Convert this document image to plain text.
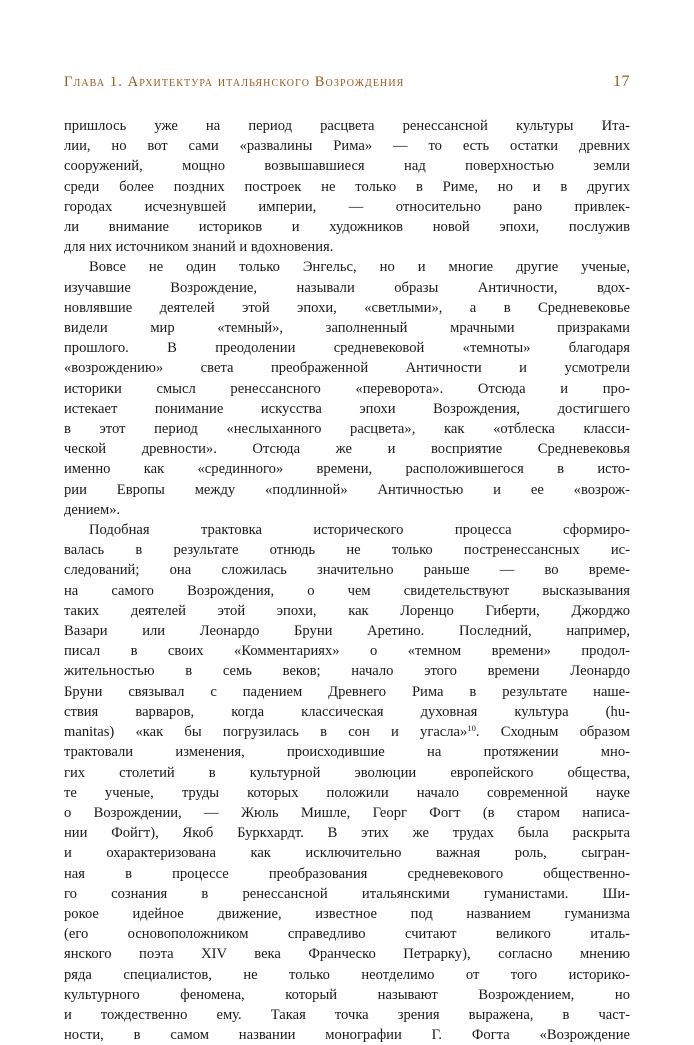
Глава 1. Архитектура итальянского Возрождения	17

пришлось уже на период расцвета ренессансной культуры Ита-
лии, но вот сами «развалины Рима» — то есть остатки древних
сооружений, мощно возвышавшиеся над поверхностью земли
среди более поздних построек не только в Риме, но и в других
городах исчезнувшей империи, — относительно рано привлек-
ли внимание историков и художников новой эпохи, послужив
для них источником знаний и вдохновения.

Вовсе не один только Энгельс, но и многие другие ученые,
изучавшие Возрождение, называли образы Античности, вдох-
новлявшие деятелей этой эпохи, «светлыми», а в Средневековье
видели мир «темный», заполненный мрачными призраками
прошлого. В преодолении средневековой «темноты» благодаря
«возрождению» света преображенной Античности и усмотрели
историки смысл ренессансного «переворота». Отсюда и про-
истекает понимание искусства эпохи Возрождения, достигшего
в этот период «неслыханного расцвета», как «отблеска класси-
ческой древности». Отсюда же и восприятие Средневековья
именно как «срединного» времени, расположившегося в исто-
рии Европы между «подлинной» Античностью и ее «возрож-
дением».

Подобная трактовка исторического процесса сформиро-
валась в результате отнюдь не только постренессансных ис-
следований; она сложилась значительно раньше — во време-
на самого Возрождения, о чем свидетельствуют высказывания
таких деятелей этой эпохи, как Лоренцо Гиберти, Джорджо
Вазари или Леонардо Бруни Аретино. Последний, например,
писал в своих «Комментариях» о «темном времени» продол-
жительностью в семь веков; начало этого времени Леонардо
Бруни связывал с падением Древнего Рима в результате нашe-
ствия варваров, когда классическая духовная культура (hu-
manitas) «как бы погрузилась в сон и угасла»$^{10}$. Сходным образом
трактовали изменения, происходившие на протяжении мно-
гих столетий в культурной эволюции европейского общества,
те ученые, труды которых положили начало современной науке
о Возрождении, — Жюль Мишле, Георг Фогт (в старом написа-
нии Фойгт), Якоб Буркхардт. В этих же трудах была раскрыта
и охарактеризована как исключительно важная роль, сыгран-
ная в процессе преобразования средневекового общественно-
го сознания в ренессансной итальянскими гуманистами. Ши-
рокое идейное движение, известное под названием гуманизма
(его основоположником справедливо считают великого италь-
янского поэта XIV века Франческо Петрарку), согласно мнению
ряда специалистов, не только неотделимо от того историко-
культурного феномена, который называют Возрождением, но
и тождественно ему. Такая точка зрения выражена, в част-
ности, в самом названии монографии Г. Фогта «Возрождение
